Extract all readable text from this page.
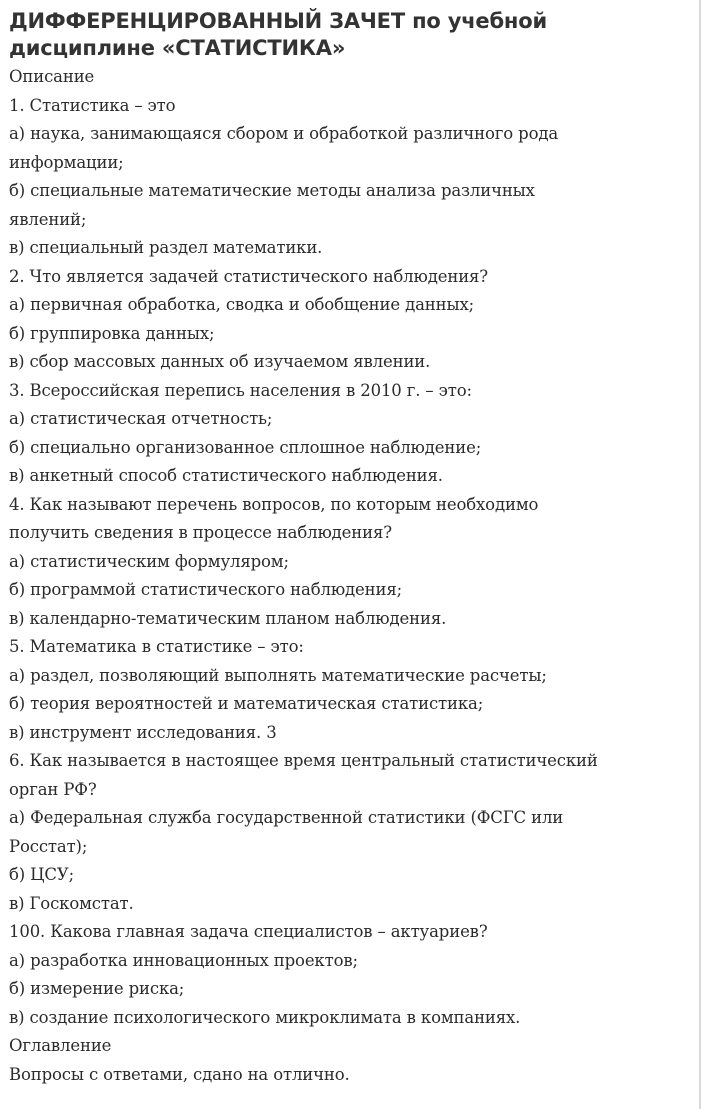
ДИФФЕРЕНЦИРОВАННЫЙ ЗАЧЕТ по учебной
дисциплине «СТАТИСТИКА»
Описание
1. Статистика – это
а) наука, занимающаяся сбором и обработкой различного рода
информации;
б) специальные математические методы анализа различных
явлений;
в) специальный раздел математики.
2. Что является задачей статистического наблюдения?
а) первичная обработка, сводка и обобщение данных;
б) группировка данных;
в) сбор массовых данных об изучаемом явлении.
3. Всероссийская перепись населения в 2010 г. – это:
а) статистическая отчетность;
б) специально организованное сплошное наблюдение;
в) анкетный способ статистического наблюдения.
4. Как называют перечень вопросов, по которым необходимо
получить сведения в процессе наблюдения?
а) статистическим формуляром;
б) программой статистического наблюдения;
в) календарно-тематическим планом наблюдения.
5. Математика в статистике – это:
а) раздел, позволяющий выполнять математические расчеты;
б) теория вероятностей и математическая статистика;
в) инструмент исследования. 3
6. Как называется в настоящее время центральный статистический
орган РФ?
а) Федеральная служба государственной статистики (ФСГС или
Росстат);
б) ЦСУ;
в) Госкомстат.
100. Какова главная задача специалистов – актуариев?
а) разработка инновационных проектов;
б) измерение риска;
в) создание психологического микроклимата в компаниях.
Оглавление
Вопросы с ответами, сдано на отлично.
